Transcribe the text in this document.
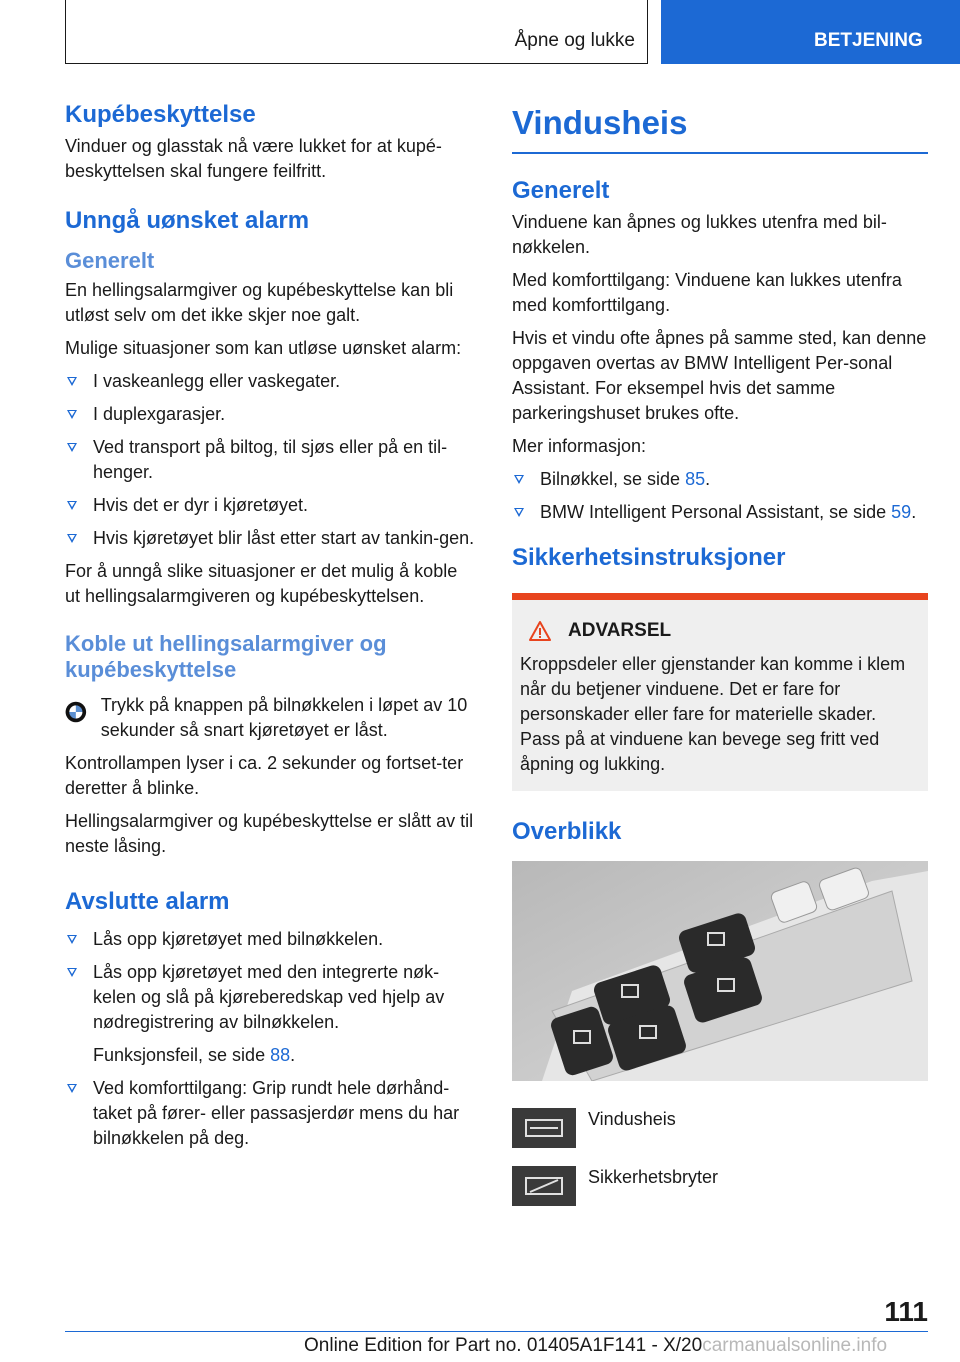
Åpne og lukke	BETJENING
Kupébeskyttelse

Vinduer og glasstak nå være lukket for at kupé-beskyttelsen skal fungere feilfritt.

Unngå uønsket alarm
Generelt

En hellingsalarmgiver og kupébeskyttelse kan bli utløst selv om det ikke skjer noe galt.

Mulige situasjoner som kan utløse uønsket alarm:

I vaskeanlegg eller vaskegater.
I duplexgarasjer.
Ved transport på biltog, til sjøs eller på en til-henger.
Hvis det er dyr i kjøretøyet.
Hvis kjøretøyet blir låst etter start av tankin-gen.

For å unngå slike situasjoner er det mulig å koble ut hellingsalarmgiveren og kupébeskyttelsen.

Koble ut hellingsalarmgiver og kupébeskyttelse
Trykk på knappen på bilnøkkelen i løpet av 10 sekunder så snart kjøretøyet er låst.

Kontrollampen lyser i ca. 2 sekunder og fortset-ter deretter å blinke.

Hellingsalarmgiver og kupébeskyttelse er slått av til neste låsing.

Avslutte alarm
Lås opp kjøretøyet med bilnøkkelen.
Lås opp kjøretøyet med den integrerte nøk-kelen og slå på kjøreberedskap ved hjelp av nødregistrering av bilnøkkelen.

Funksjonsfeil, se side 88.

Ved komforttilgang: Grip rundt hele dørhånd-taket på fører- eller passasjerdør mens du har bilnøkkelen på deg.
Vindusheis
Generelt

Vinduene kan åpnes og lukkes utenfra med bil-nøkkelen.

Med komforttilgang: Vinduene kan lukkes utenfra med komforttilgang.

Hvis et vindu ofte åpnes på samme sted, kan denne oppgaven overtas av BMW Intelligent Per-sonal Assistant. For eksempel hvis det samme parkeringshuset brukes ofte.

Mer informasjon:

Bilnøkkel, se side 85.
BMW Intelligent Personal Assistant, se side 59.
Sikkerhetsinstruksjoner
ADVARSEL

Kroppsdeler eller gjenstander kan komme i klem når du betjener vinduene. Det er fare for personskader eller fare for materielle skader. Pass på at vinduene kan bevege seg fritt ved åpning og lukking.

Overblikk
Vindusheis
Sikkerhetsbryter
111
Online Edition for Part no. 01405A1F141 - X/20carmanualsonline.info
